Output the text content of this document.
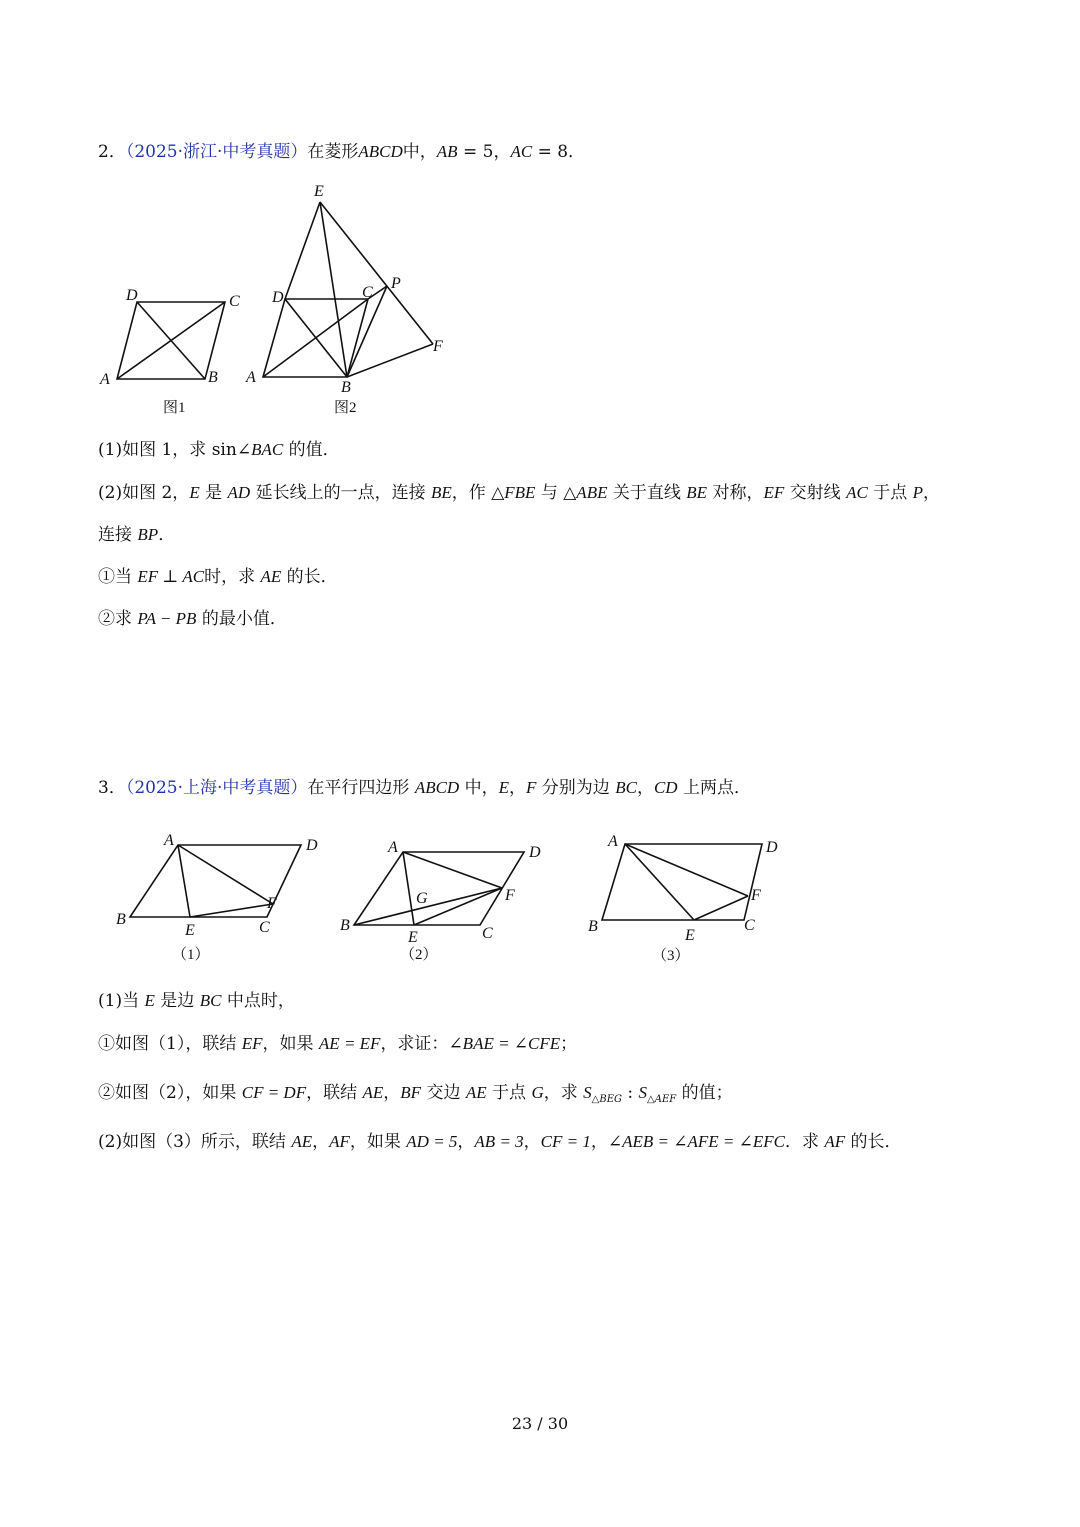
2．（2025·浙江·中考真题）在菱形ABCD中，AB = 5，AC = 8．
A	B
C
D
图1
A
B
C
D
E
F
P
图2
(1)如图 1，求 sin∠BAC 的值．
(2)如图 2，E 是 AD 延长线上的一点，连接 BE，作 △FBE 与 △ABE 关于直线 BE 对称，EF 交射线 AC 于点 P，
连接 BP．
①当 EF ⊥ AC时，求 AE 的长．
②求 PA − PB 的最小值．
3．（2025·上海·中考真题）在平行四边形 ABCD 中，E，F 分别为边 BC，CD 上两点．
A
B	C
D
E
F
（1）
A
B	C
D
E
F
G
（2）
A
B	C
D
E
F
（3）
(1)当 E 是边 BC 中点时，
①如图（1），联结 EF，如果 AE = EF，求证：∠BAE = ∠CFE；
②如图（2），如果 CF = DF，联结 AE，BF 交边 AE 于点 G，求 $S_{\triangle BEG}$ : $S_{\triangle AEF}$ 的值；
(2)如图（3）所示，联结 AE，AF，如果 AD = 5，AB = 3，CF = 1，∠AEB = ∠AFE = ∠EFC．求 AF 的长．
23 / 30
